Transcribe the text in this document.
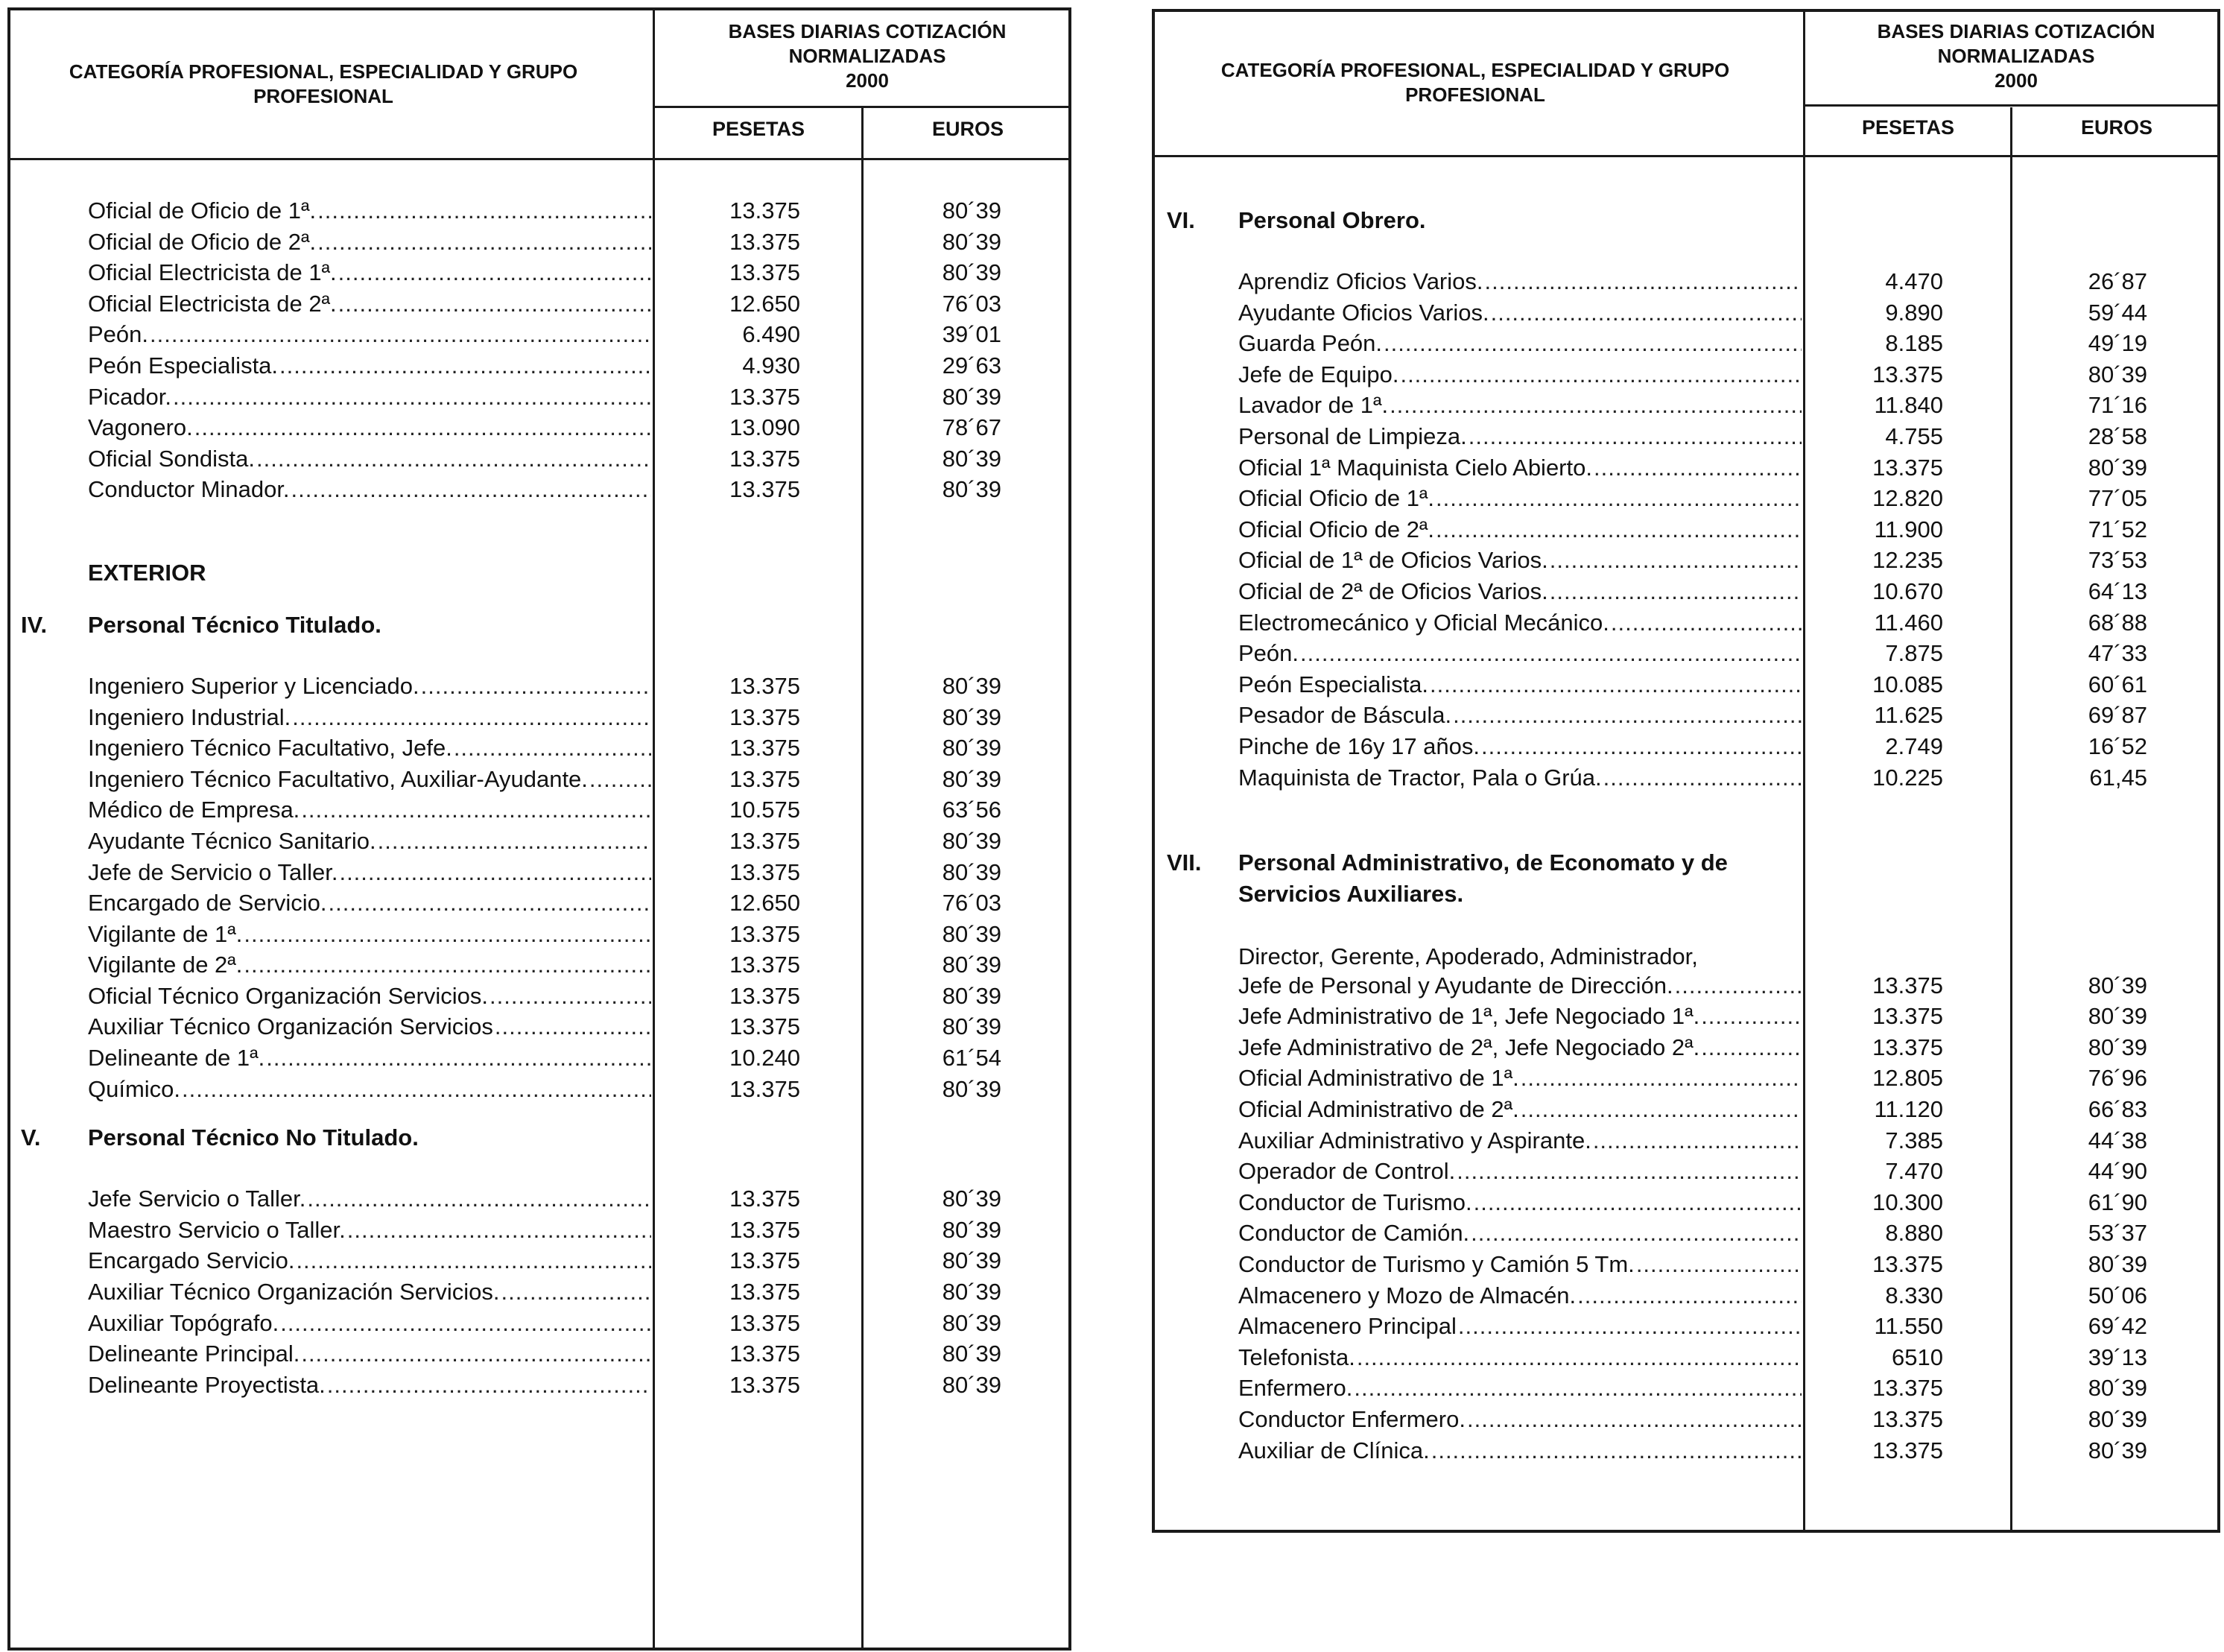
CATEGORÍA PROFESIONAL, ESPECIALIDAD Y GRUPO PROFESIONAL
BASES DIARIAS COTIZACIÓN NORMALIZADAS
2000
PESETAS	EUROS
Oficial de Oficio de 1ª. .....	13.375	80´39
Oficial de Oficio de 2ª. .....	13.375	80´39
Oficial Electricista de 1ª. .....	13.375	80´39
Oficial Electricista de 2ª. .....	12.650	76´03
Peón. .....	6.490	39´01
Peón Especialista. .....	4.930	29´63
Picador. .....	13.375	80´39
Vagonero. .....	13.090	78´67
Oficial Sondista. .....	13.375	80´39
Conductor Minador. .....	13.375	80´39
EXTERIOR
IV. Personal Técnico Titulado.
Ingeniero Superior y Licenciado. .....	13.375	80´39
Ingeniero Industrial. .....	13.375	80´39
Ingeniero Técnico Facultativo, Jefe. .....	13.375	80´39
Ingeniero Técnico Facultativo, Auxiliar-Ayudante. .....	13.375	80´39
Médico de Empresa. .....	10.575	63´56
Ayudante Técnico Sanitario. .....	13.375	80´39
Jefe de Servicio o Taller. .....	13.375	80´39
Encargado de Servicio. .....	12.650	76´03
Vigilante de 1ª. .....	13.375	80´39
Vigilante de 2ª. .....	13.375	80´39
Oficial Técnico Organización Servicios. .....	13.375	80´39
Auxiliar Técnico Organización Servicios .....	13.375	80´39
Delineante de 1ª. .....	10.240	61´54
Químico. .....	13.375	80´39
V. Personal Técnico No Titulado.
Jefe Servicio o Taller. .....	13.375	80´39
Maestro Servicio o Taller. .....	13.375	80´39
Encargado Servicio. .....	13.375	80´39
Auxiliar Técnico Organización Servicios. .....	13.375	80´39
Auxiliar Topógrafo. .....	13.375	80´39
Delineante Principal. .....	13.375	80´39
Delineante Proyectista. .....	13.375	80´39
CATEGORÍA PROFESIONAL, ESPECIALIDAD Y GRUPO PROFESIONAL
BASES DIARIAS COTIZACIÓN NORMALIZADAS
2000
PESETAS	EUROS
VI. Personal Obrero.
Aprendiz Oficios Varios. .....	4.470	26´87
Ayudante Oficios Varios. .....	9.890	59´44
Guarda Peón. .....	8.185	49´19
Jefe de Equipo. .....	13.375	80´39
Lavador de 1ª. .....	11.840	71´16
Personal de Limpieza. .....	4.755	28´58
Oficial 1ª Maquinista Cielo Abierto. .....	13.375	80´39
Oficial Oficio de 1ª. .....	12.820	77´05
Oficial Oficio de 2ª. .....	11.900	71´52
Oficial de 1ª de Oficios Varios. .....	12.235	73´53
Oficial de 2ª de Oficios Varios. .....	10.670	64´13
Electromecánico y Oficial Mecánico. .....	11.460	68´88
Peón. .....	7.875	47´33
Peón Especialista. .....	10.085	60´61
Pesador de Báscula. .....	11.625	69´87
Pinche de 16y 17 años. .....	2.749	16´52
Maquinista de Tractor, Pala o Grúa. .....	10.225	61,45
VII. Personal Administrativo, de Economato y de
Servicios Auxiliares.
Director, Gerente, Apoderado, Administrador,
Jefe de Personal y Ayudante de Dirección. .....	13.375	80´39
Jefe Administrativo de 1ª, Jefe Negociado 1ª. .....	13.375	80´39
Jefe Administrativo de 2ª, Jefe Negociado 2ª. .....	13.375	80´39
Oficial Administrativo de 1ª. .....	12.805	76´96
Oficial Administrativo de 2ª. .....	11.120	66´83
Auxiliar Administrativo y Aspirante. .....	7.385	44´38
Operador de Control. .....	7.470	44´90
Conductor de Turismo. .....	10.300	61´90
Conductor de Camión. .....	8.880	53´37
Conductor de Turismo y Camión 5 Tm. .....	13.375	80´39
Almacenero y Mozo de Almacén. .....	8.330	50´06
Almacenero Principal .....	11.550	69´42
Telefonista. .....	6510	39´13
Enfermero. .....	13.375	80´39
Conductor Enfermero. .....	13.375	80´39
Auxiliar de Clínica. .....	13.375	80´39
